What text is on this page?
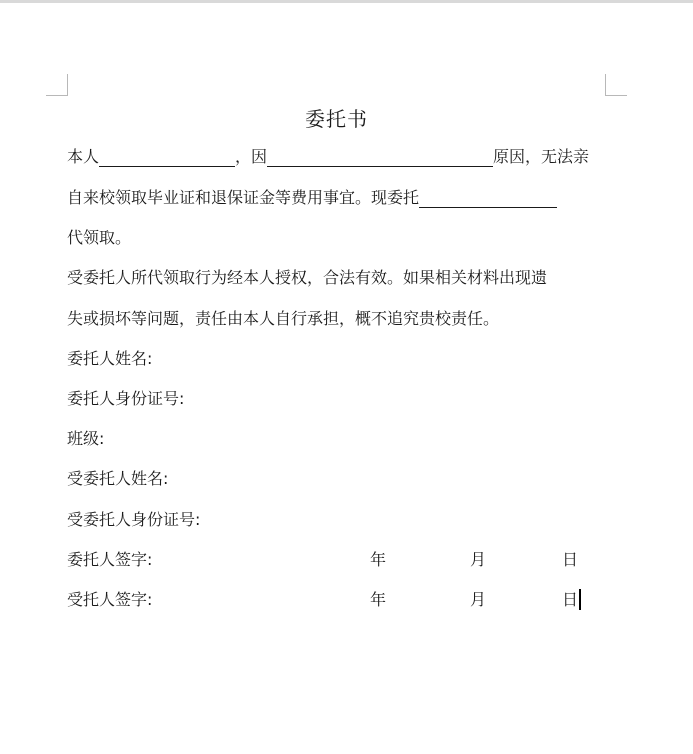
委托书
本人	，因	原因，无法亲
自来校领取毕业证和退保证金等费用事宜。现委托
代领取。
受委托人所代领取行为经本人授权，合法有效。如果相关材料出现遗
失或损坏等问题，责任由本人自行承担，概不追究贵校责任。
委托人姓名:
委托人身份证号:
班级:
受委托人姓名:
受委托人身份证号:
委托人签字:	年	月	日
受托人签字:	年	月	日
